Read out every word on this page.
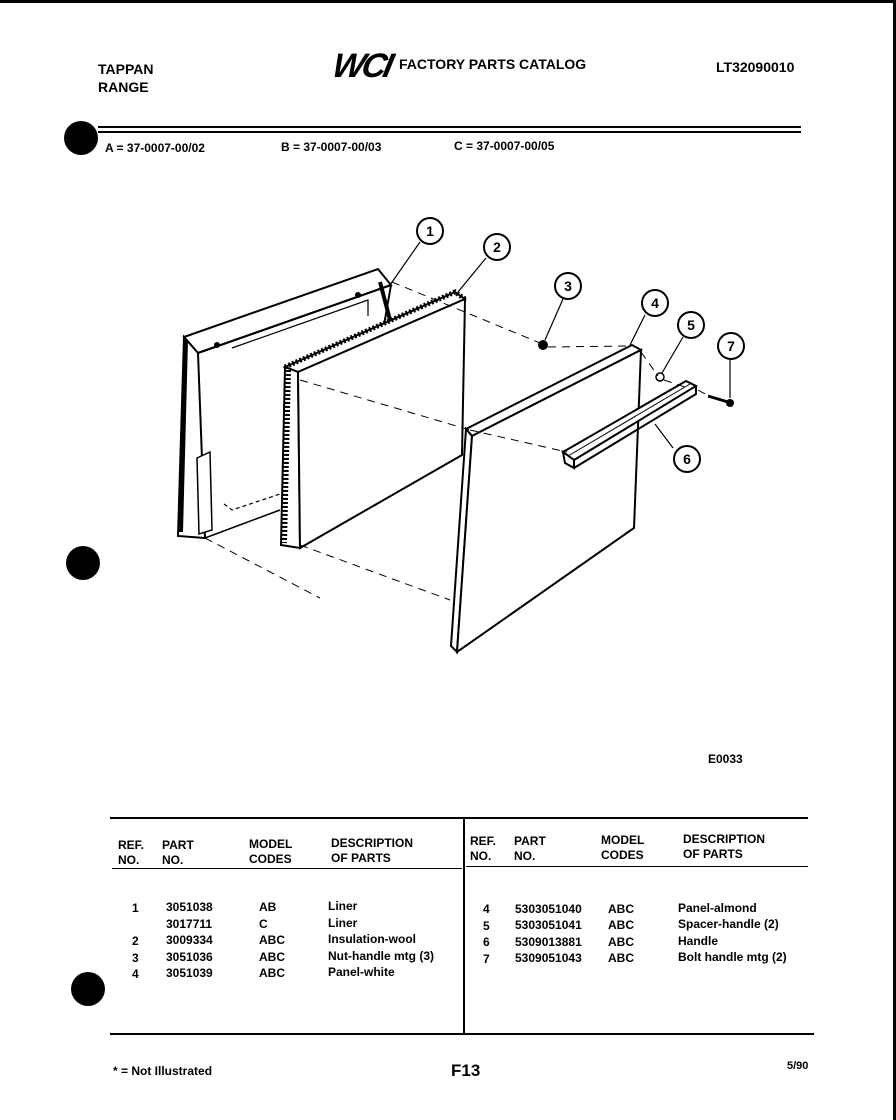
TAPPAN
RANGE
WCI FACTORY PARTS CATALOG	LT32090010
A = 37-0007-00/02	B = 37-0007-00/03	C = 37-0007-00/05
1
2
3
4
5
7
6
E0033
REF.
NO.
PART
NO.
MODEL
CODES
DESCRIPTION
OF PARTS
1 3051038	AB	Liner
3017711	C	Liner
2 3009334	ABC	Insulation-wool
3 3051036	ABC	Nut-handle mtg (3)
4 3051039	ABC	Panel-white
REF.
NO.
PART
NO.
MODEL
CODES
DESCRIPTION
OF PARTS
4 5303051040 ABC	Panel-almond
5 5303051041 ABC	Spacer-handle (2)
6 5309013881 ABC	Handle
7 5309051043 ABC	Bolt handle mtg (2)
* = Not Illustrated	F13	5/90
